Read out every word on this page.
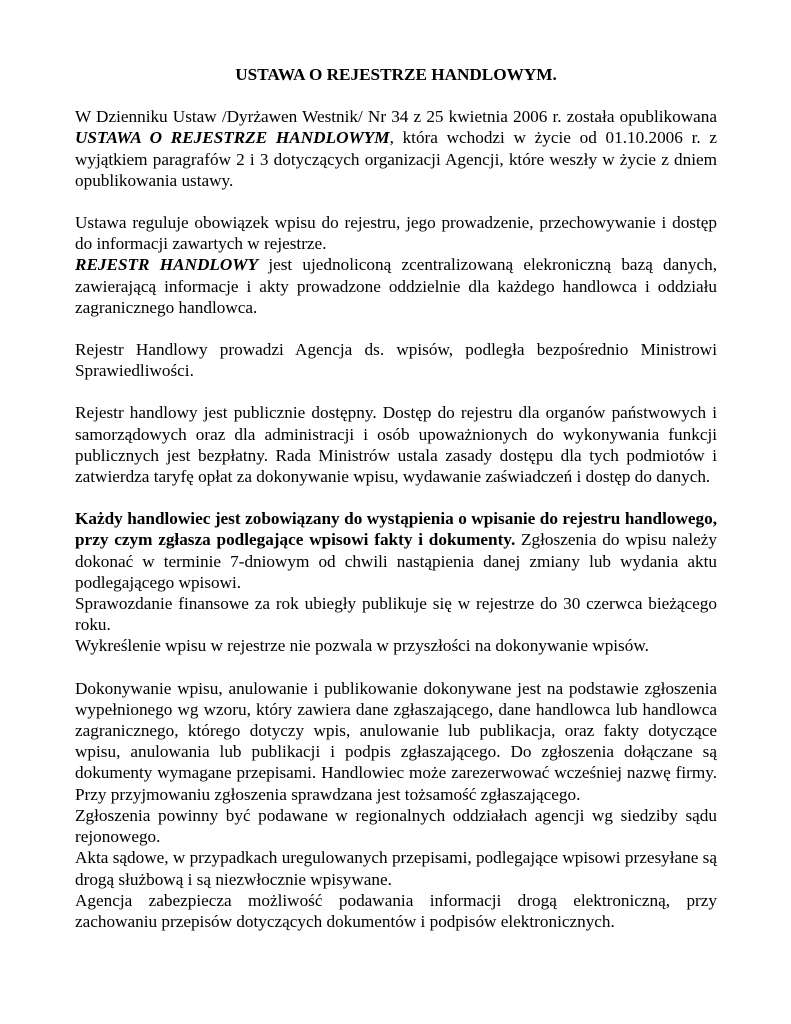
USTAWA O REJESTRZE HANDLOWYM.

W Dzienniku Ustaw /Dyrżawen Westnik/ Nr 34 z 25 kwietnia 2006 r. została opublikowana USTAWA O REJESTRZE HANDLOWYM, która wchodzi w życie od 01.10.2006 r. z wyjątkiem paragrafów 2 i 3 dotyczących organizacji Agencji, które weszły w życie z dniem opublikowania ustawy.

Ustawa reguluje obowiązek wpisu do rejestru, jego prowadzenie, przechowywanie i dostęp do informacji zawartych w rejestrze.

REJESTR HANDLOWY jest ujednoliconą zcentralizowaną elekroniczną bazą danych, zawierającą informacje i akty prowadzone oddzielnie dla każdego handlowca i oddziału zagranicznego handlowca.

Rejestr Handlowy prowadzi Agencja ds. wpisów, podległa bezpośrednio Ministrowi Sprawiedliwości.

Rejestr handlowy jest publicznie dostępny. Dostęp do rejestru dla organów państwowych i samorządowych oraz dla administracji i osób upoważnionych do wykonywania funkcji publicznych jest bezpłatny. Rada Ministrów ustala zasady dostępu dla tych podmiotów i zatwierdza taryfę opłat za dokonywanie wpisu, wydawanie zaświadczeń i dostęp do danych.

Każdy handlowiec jest zobowiązany do wystąpienia o wpisanie do rejestru handlowego, przy czym zgłasza podlegające wpisowi fakty i dokumenty. Zgłoszenia do wpisu należy dokonać w terminie 7-dniowym od chwili nastąpienia danej zmiany lub wydania aktu podlegającego wpisowi.

Sprawozdanie finansowe za rok ubiegły publikuje się w rejestrze do 30 czerwca bieżącego roku.

Wykreślenie wpisu w rejestrze nie pozwala w przyszłości na dokonywanie wpisów.

Dokonywanie wpisu, anulowanie i publikowanie dokonywane jest na podstawie zgłoszenia wypełnionego wg wzoru, który zawiera dane zgłaszającego, dane handlowca lub handlowca zagranicznego, którego dotyczy wpis, anulowanie lub publikacja, oraz fakty dotyczące wpisu, anulowania lub publikacji i podpis zgłaszającego. Do zgłoszenia dołączane są dokumenty wymagane przepisami. Handlowiec może zarezerwować wcześniej nazwę firmy. Przy przyjmowaniu zgłoszenia sprawdzana jest tożsamość zgłaszającego.

Zgłoszenia powinny być podawane w regionalnych oddziałach agencji wg siedziby sądu rejonowego.

Akta sądowe, w przypadkach uregulowanych przepisami, podlegające wpisowi przesyłane są drogą służbową i są niezwłocznie wpisywane.

Agencja zabezpiecza możliwość podawania informacji drogą elektroniczną, przy zachowaniu przepisów dotyczących dokumentów i podpisów elektronicznych.
